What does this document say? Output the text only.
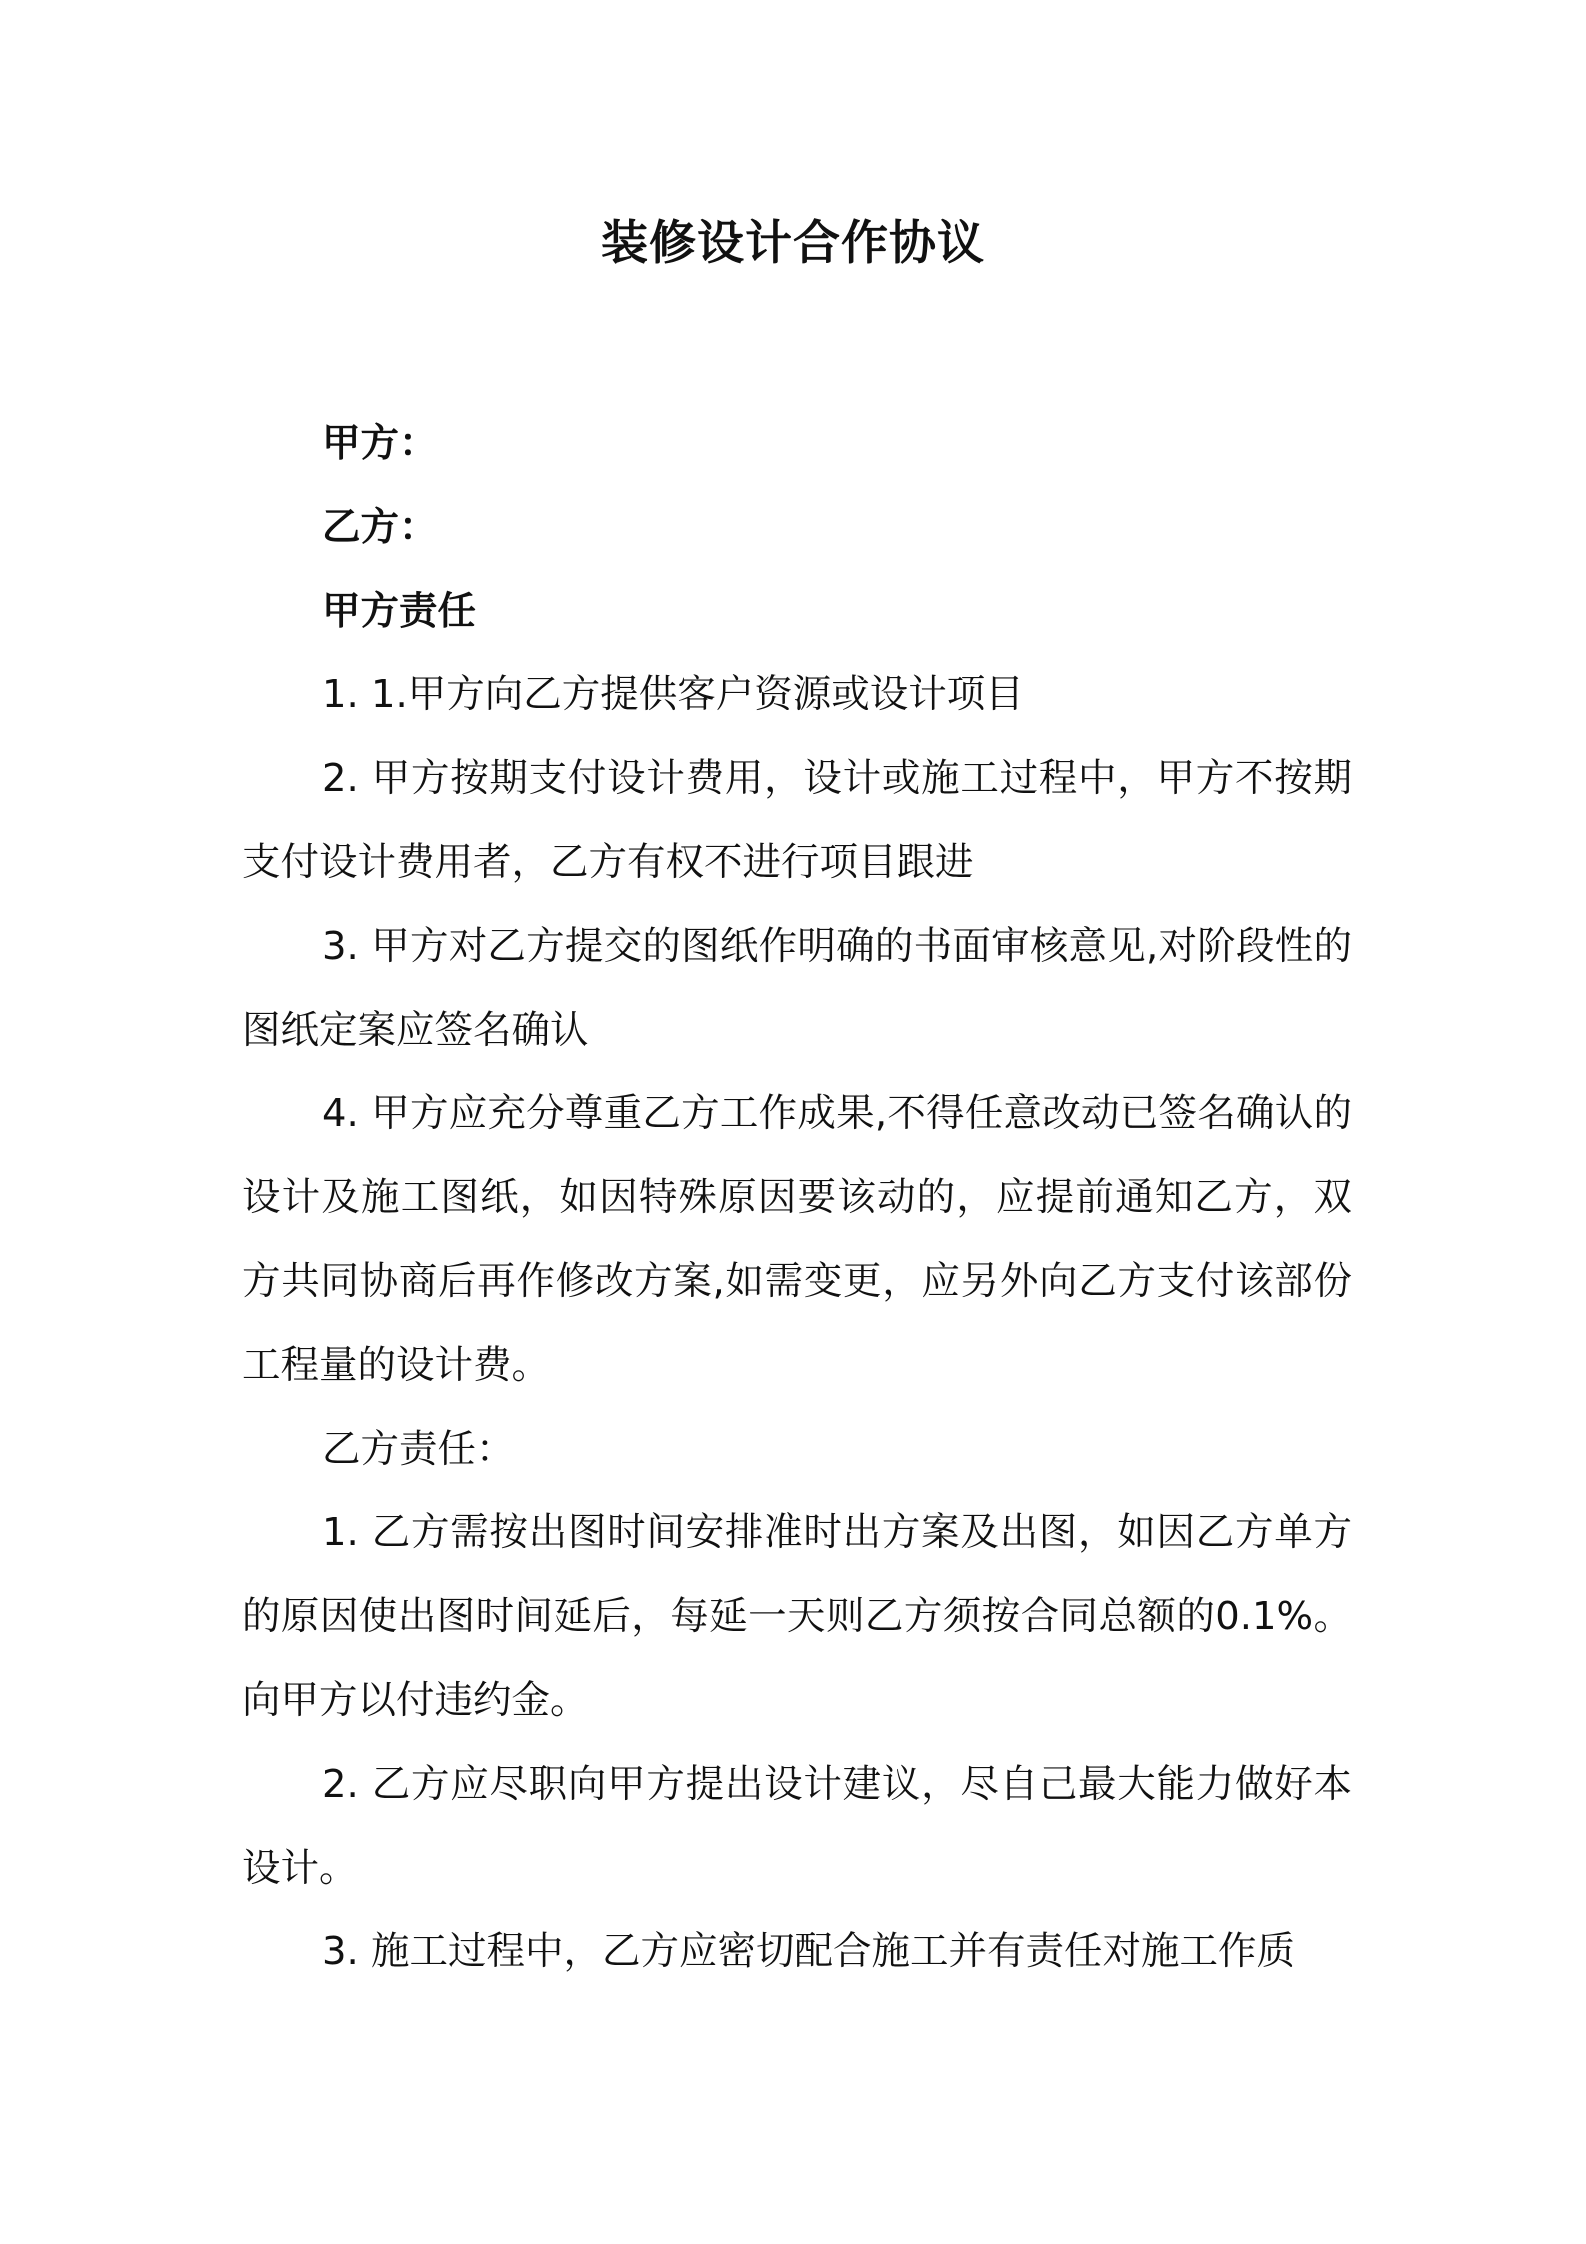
装修设计合作协议

甲方：

乙方：

甲方责任

1. 1.甲方向乙方提供客户资源或设计项目

2. 甲方按期支付设计费用，设计或施工过程中，甲方不按期支付设计费用者，乙方有权不进行项目跟进

3. 甲方对乙方提交的图纸作明确的书面审核意见,对阶段性的图纸定案应签名确认

4. 甲方应充分尊重乙方工作成果,不得任意改动已签名确认的设计及施工图纸，如因特殊原因要该动的，应提前通知乙方，双方共同协商后再作修改方案,如需变更，应另外向乙方支付该部份工程量的设计费。

乙方责任：

1. 乙方需按出图时间安排准时出方案及出图，如因乙方单方的原因使出图时间延后，每延一天则乙方须按合同总额的0.1%。向甲方以付违约金。

2. 乙方应尽职向甲方提出设计建议，尽自己最大能力做好本设计。

3. 施工过程中，乙方应密切配合施工并有责任对施工作质
